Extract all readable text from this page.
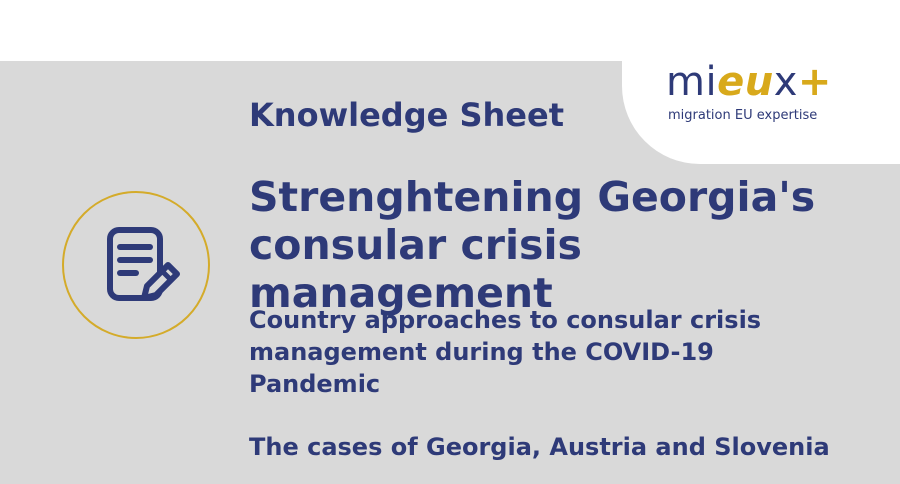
mieux+
migration EU expertise
Knowledge Sheet
Strenghtening Georgia's consular crisis management
Country approaches to consular crisis management during the COVID-19 Pandemic
The cases of Georgia, Austria and Slovenia
